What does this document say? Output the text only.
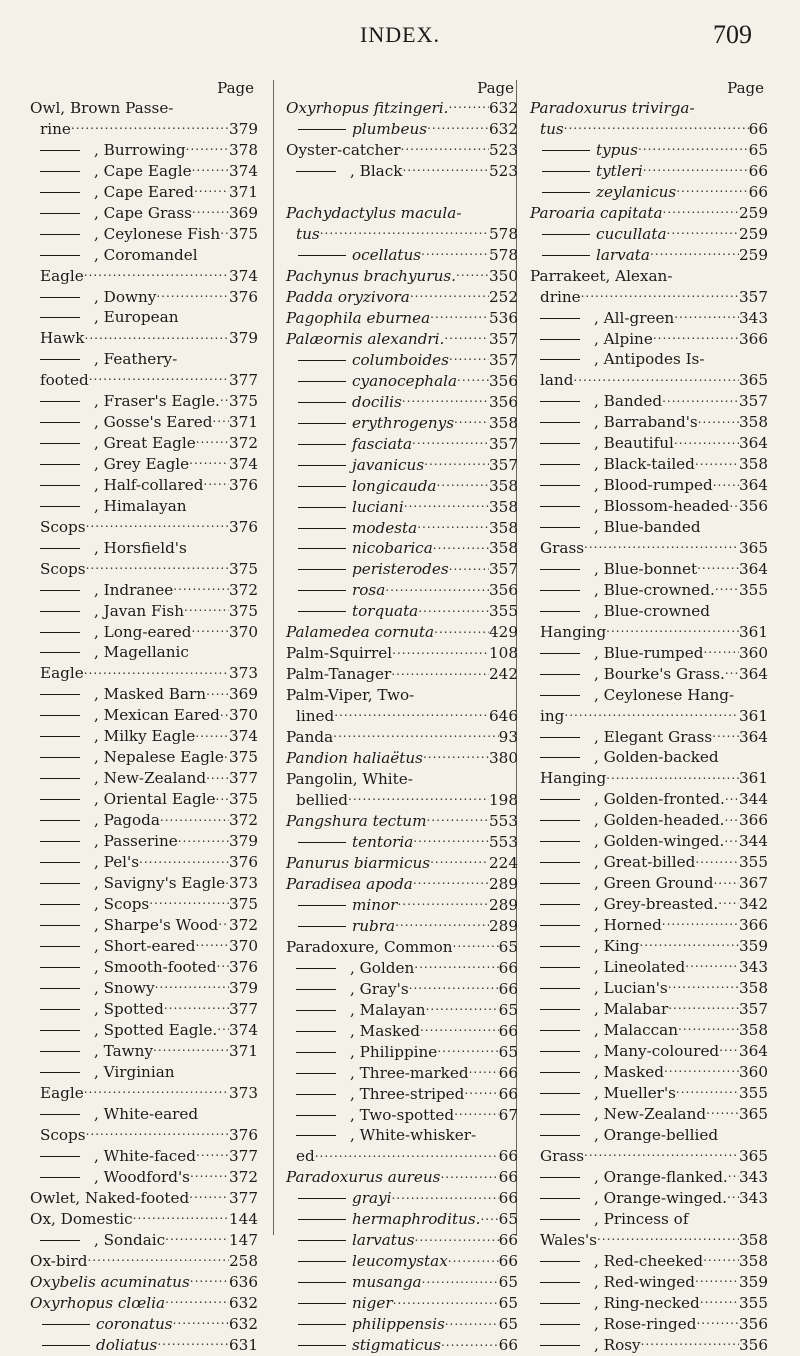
INDEX.	709
Page
Owl, Brown Passe-
rine .....	379
, Burrowing .....	378
, Cape Eagle ..... 374
, Cape Eared ..... 371
, Cape Grass ..... 369
, Ceylonese Fish ..... 375
, Coromandel
Eagle .....	374
, Downy .....	376
, European
Hawk .....	379
, Feathery-
footed .....	377
, Fraser's Eagle. ..... 375
, Gosse's Eared ..... 371
, Great Eagle ..... 372
, Grey Eagle .....	374
, Half-collared ..... 376
, Himalayan
Scops .....	376
, Horsfield's
Scops .....	375
, Indranee .....	372
, Javan Fish .....	375
, Long-eared ..... 370
, Magellanic
Eagle .....	373
, Masked Barn ..... 369
, Mexican Eared ..... 370
, Milky Eagle ..... 374
, Nepalese Eagle ..... 375
, New-Zealand ..... 377
, Oriental Eagle ..... 375
, Pagoda .....	372
, Passerine .....	379
, Pel's .....	376
, Savigny's Eagle ..... 373
, Scops .....	375
, Sharpe's Wood ..... 372
, Short-eared ..... 370
, Smooth-footed ..... 376
, Snowy .....	379
, Spotted .....	377
, Spotted Eagle. ..... 374
, Tawny .....	371
, Virginian
Eagle .....	373
, White-eared
Scops .....	376
, White-faced ..... 377
, Woodford's .....	372
Owlet, Naked-footed .....	377
Ox, Domestic .....	144
, Sondaic .....	147
Ox-bird .....	258
Oxybelis acuminatus .....	636
Oxyrhopus clœlia .....	632
coronatus .....	632
doliatus .....	631
Page
Oxyrhopus fitzingeri. .....	632
plumbeus .....	632
Oyster-catcher .....	523
, Black .....	523

Pachydactylus macula-
tus .....	578
ocellatus .....	578
Pachynus brachyurus. ..... 350
Padda oryzivora .....	252
Pagophila eburnea .....	536
Palæornis alexandri. .....	357
columboides .....	357
cyanocephala ..... 356
docilis .....	356
erythrogenys ..... 358
fasciata .....	357
javanicus .....	357
longicauda .....	358
luciani .....	358
modesta .....	358
nicobarica .....	358
peristerodes .....	357
rosa .....	356
torquata .....	355
Palamedea cornuta .....	429
Palm-Squirrel .....	108
Palm-Tanager .....	242
Palm-Viper, Two-
lined .....	646
Panda .....	93
Pandion haliaëtus .....	380
Pangolin, White-
bellied .....	198
Pangshura tectum .....	553
tentoria .....	553
Panurus biarmicus .....	224
Paradisea apoda .....	289
minor .....	289
rubra .....	289
Paradoxure, Common .....	65
, Golden .....	66
, Gray's .....	66
, Malayan .....	65
, Masked .....	66
, Philippine .....	65
, Three-marked ..... 66
, Three-striped ..... 66
, Two-spotted .....	67
, White-whisker-
ed .....	66
Paradoxurus aureus .....	66
grayi .....	66
hermaphroditus. ..... 65
larvatus .....	66
leucomystax .....	66
musanga .....	65
niger .....	65
philippensis .....	65
stigmaticus .....	66
Page
Paradoxurus trivirga-
tus .....	66
typus .....	65
tytleri .....	66
zeylanicus .....	66
Paroaria capitata .....	259
cucullata .....	259
larvata .....	259
Parrakeet, Alexan-
drine .....	357
, All-green .....	343
, Alpine .....	366
, Antipodes Is-
land .....	365
, Banded .....	357
, Barraband's .....	358
, Beautiful .....	364
, Black-tailed .....	358
, Blood-rumped ..... 364
, Blossom-headed ..... 356
, Blue-banded
Grass .....	365
, Blue-bonnet .....	364
, Blue-crowned. ..... 355
, Blue-crowned
Hanging .....	361
, Blue-rumped ..... 360
, Bourke's Grass. ..... 364
, Ceylonese Hang-
ing .....	361
, Elegant Grass ..... 364
, Golden-backed
Hanging .....	361
, Golden-fronted. ..... 344
, Golden-headed. ..... 366
, Golden-winged. ..... 344
, Great-billed .....	355
, Green Ground ..... 367
, Grey-breasted. ..... 342
, Horned .....	366
, King .....	359
, Lineolated .....	343
, Lucian's .....	358
, Malabar .....	357
, Malaccan .....	358
, Many-coloured ..... 364
, Masked .....	360
, Mueller's .....	355
, New-Zealand ..... 365
, Orange-bellied
Grass .....	365
, Orange-flanked. ..... 343
, Orange-winged. ..... 343
, Princess of
Wales's .....	358
, Red-cheeked ..... 358
, Red-winged .....	359
, Ring-necked .....	355
, Rose-ringed .....	356
, Rosy .....	356
